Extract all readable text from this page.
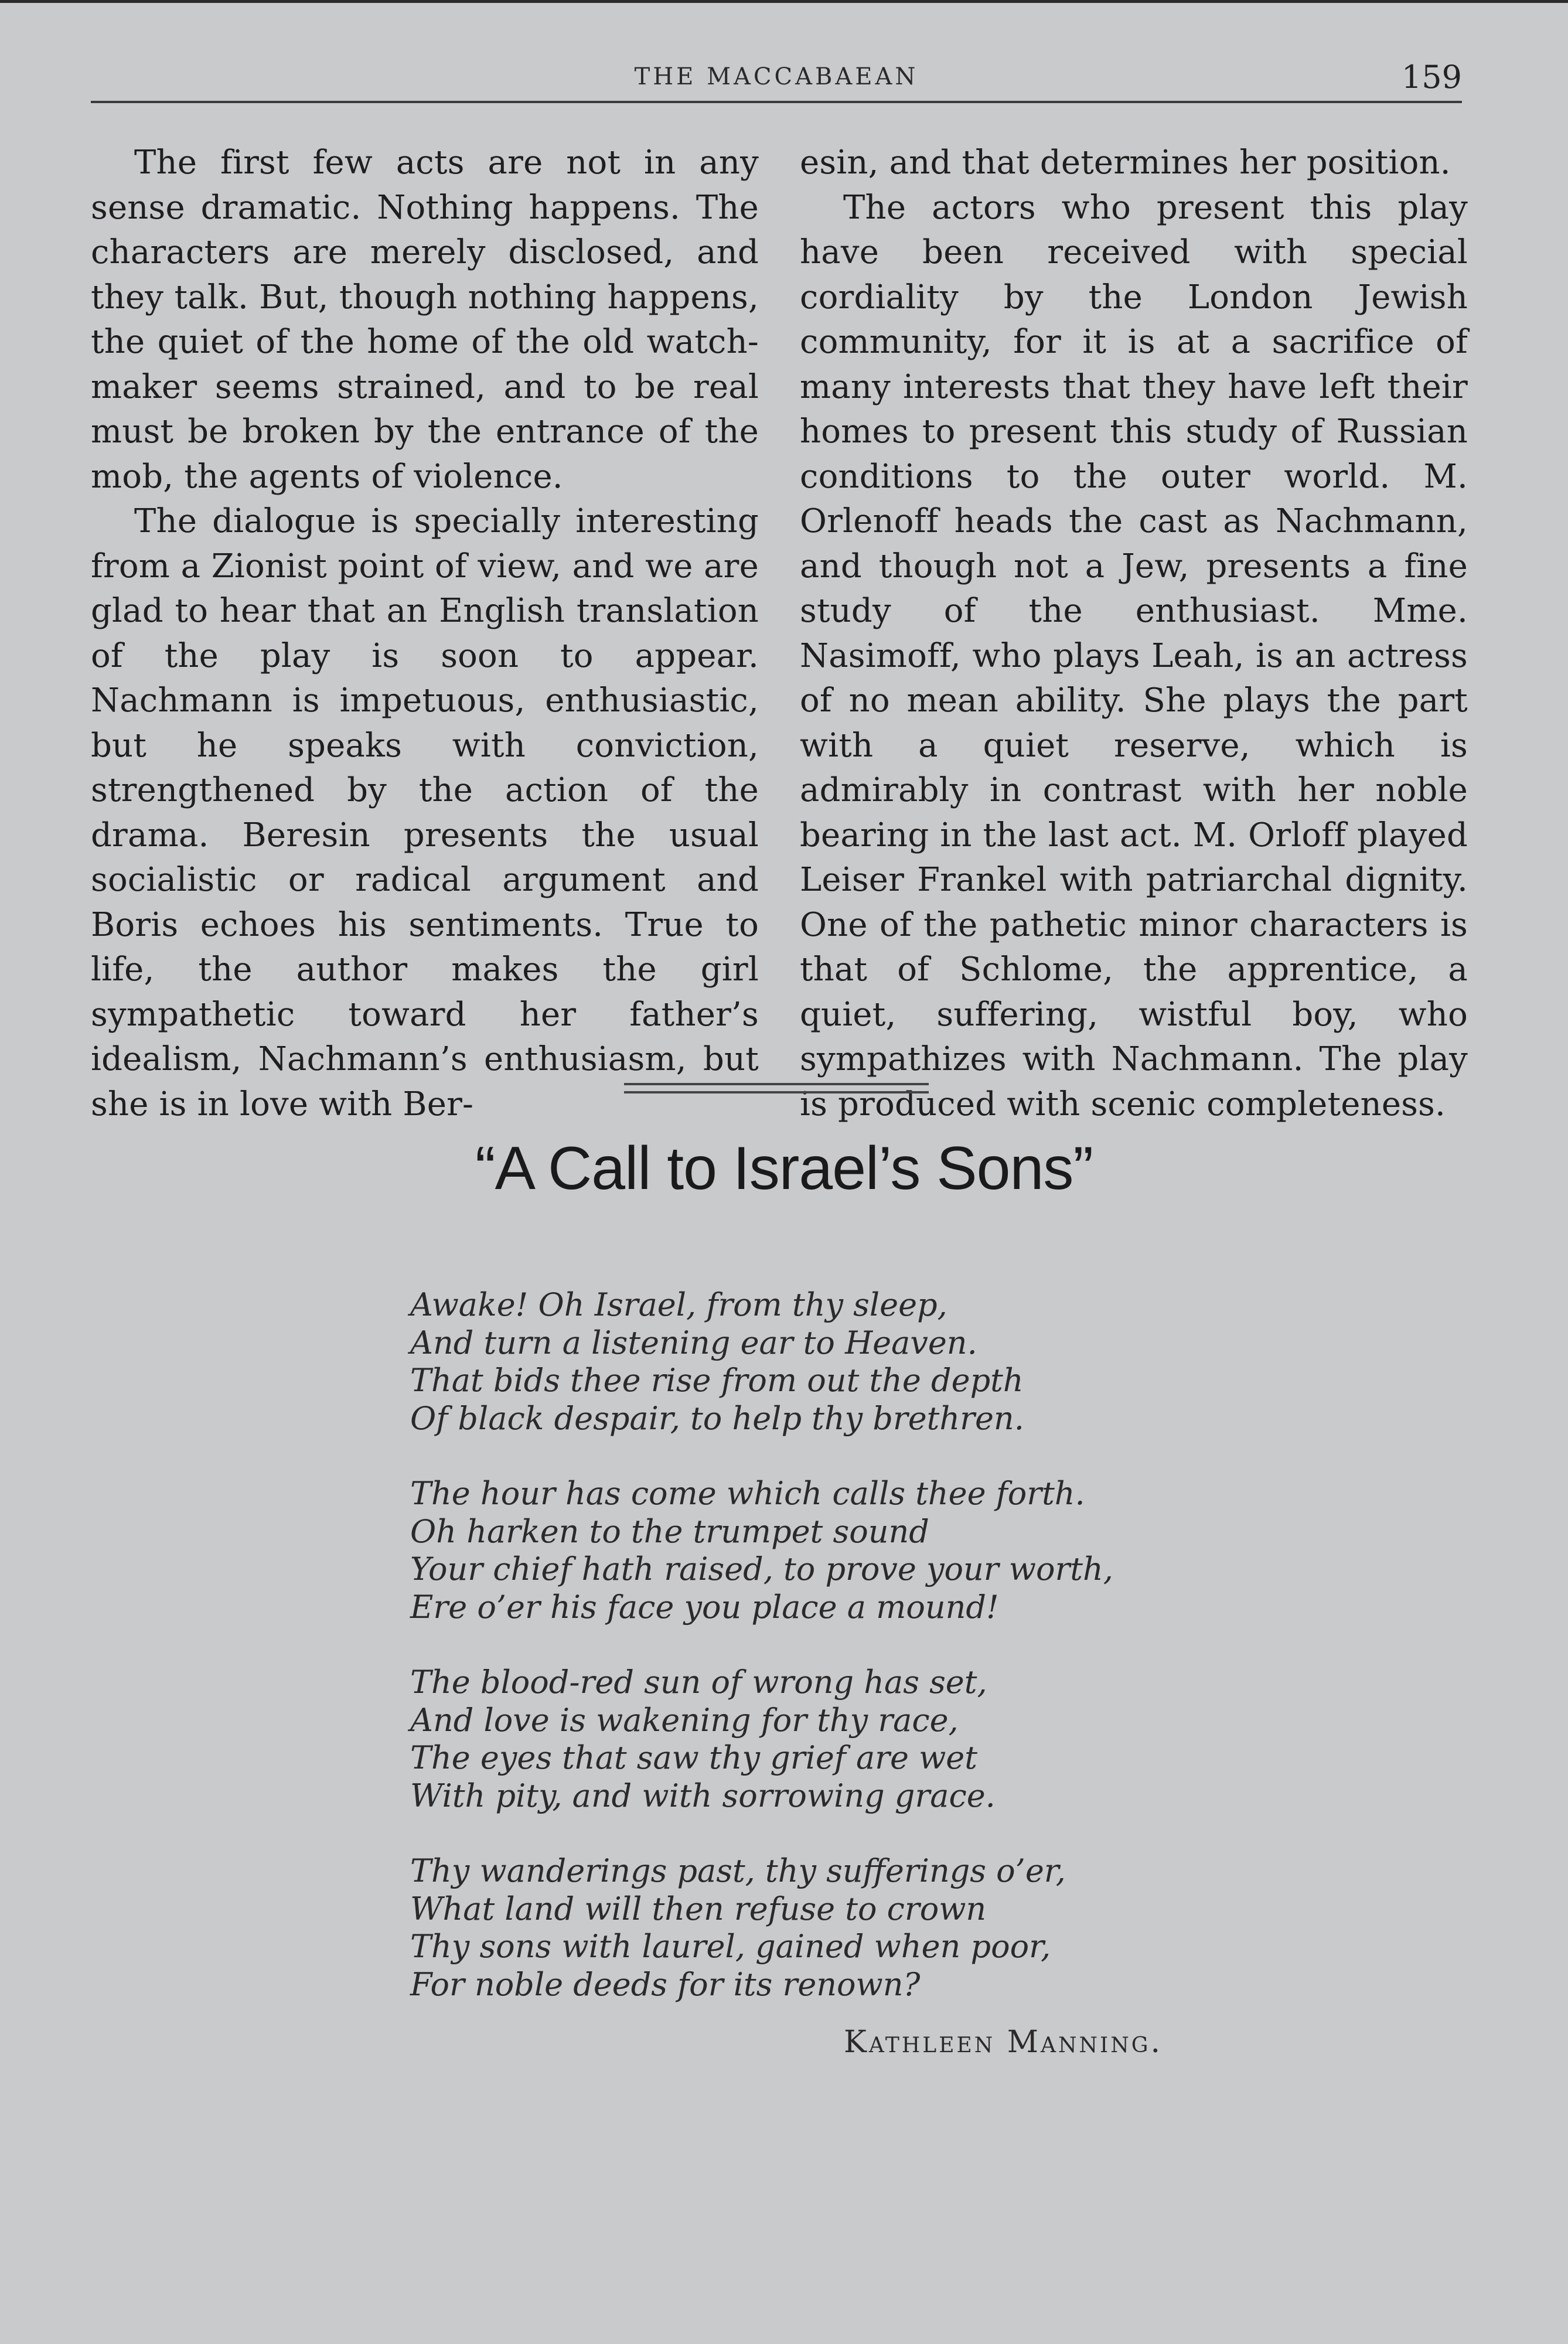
THE MACCABAEAN	159

The first few acts are not in any sense dramatic. Nothing happens. The characters are merely disclosed, and they talk. But, though nothing happens, the quiet of the home of the old watch-maker seems strained, and to be real must be broken by the entrance of the mob, the agents of violence.

The dialogue is specially interesting from a Zionist point of view, and we are glad to hear that an English translation of the play is soon to appear. Nachmann is impetuous, enthusiastic, but he speaks with conviction, strengthened by the action of the drama. Beresin presents the usual socialistic or radical argument and Boris echoes his sentiments. True to life, the author makes the girl sympathetic toward her father’s idealism, Nachmann’s enthusiasm, but she is in love with Ber-

esin, and that determines her position.

The actors who present this play have been received with special cordiality by the London Jewish community, for it is at a sacrifice of many interests that they have left their homes to present this study of Russian conditions to the outer world. M. Orlenoff heads the cast as Nachmann, and though not a Jew, presents a fine study of the enthusiast. Mme. Nasimoff, who plays Leah, is an actress of no mean ability. She plays the part with a quiet reserve, which is admirably in contrast with her noble bearing in the last act. M. Orloff played Leiser Frankel with patriarchal dignity. One of the pathetic minor characters is that of Schlome, the apprentice, a quiet, suffering, wistful boy, who sympathizes with Nachmann. The play is produced with scenic completeness.

“A Call to Israel’s Sons”
Awake! Oh Israel, from thy sleep,
And turn a listening ear to Heaven.
That bids thee rise from out the depth
Of black despair, to help thy brethren.
The hour has come which calls thee forth.
Oh harken to the trumpet sound
Your chief hath raised, to prove your worth,
Ere o’er his face you place a mound!
The blood-red sun of wrong has set,
And love is wakening for thy race,
The eyes that saw thy grief are wet
With pity, and with sorrowing grace.
Thy wanderings past, thy sufferings o’er,
What land will then refuse to crown
Thy sons with laurel, gained when poor,
For noble deeds for its renown?
Kathleen Manning.
